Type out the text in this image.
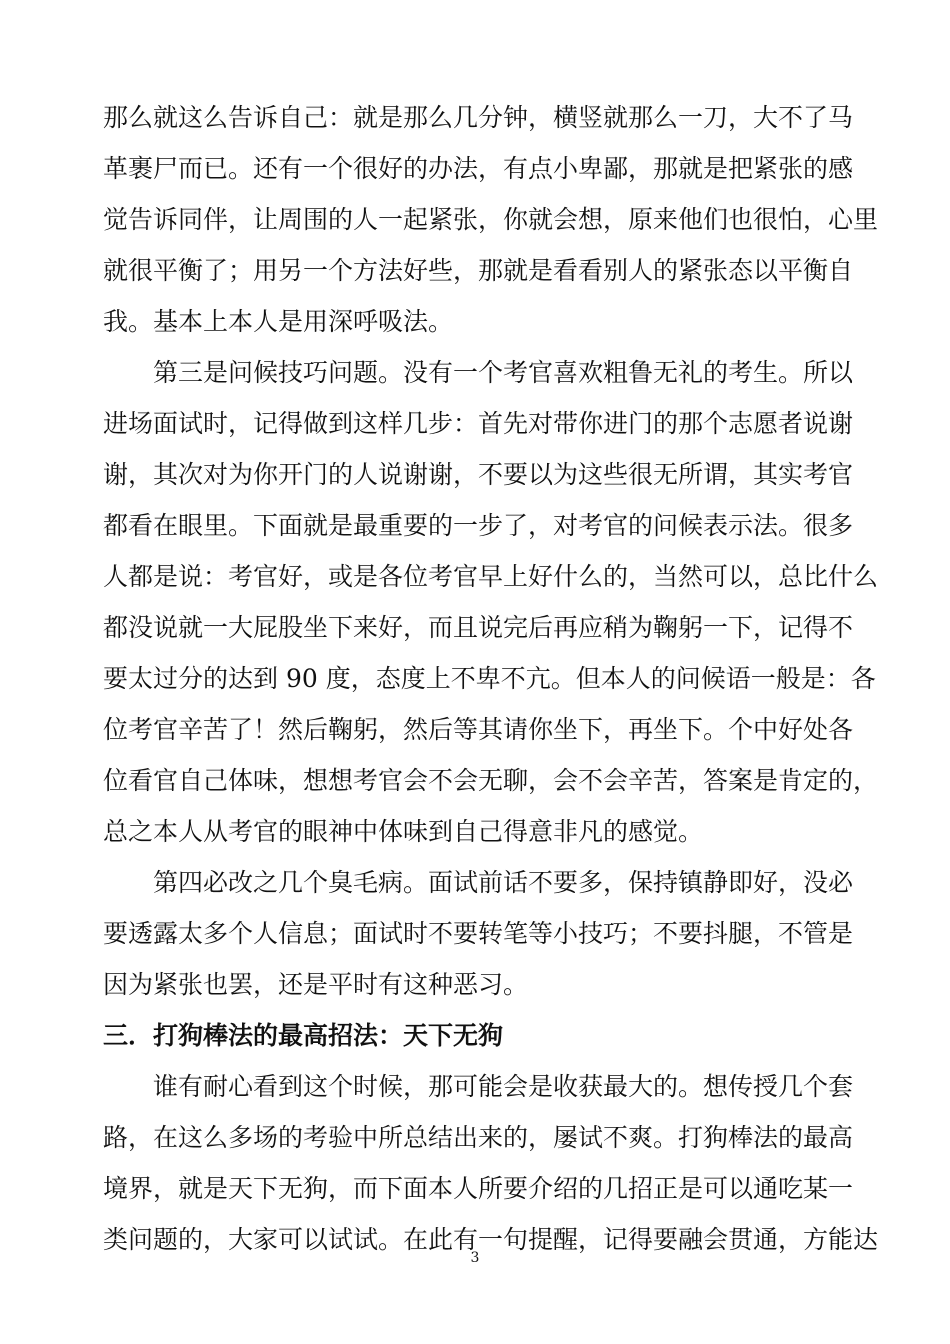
那么就这么告诉自己：就是那么几分钟，横竖就那么一刀，大不了马
革裹尸而已。还有一个很好的办法，有点小卑鄙，那就是把紧张的感
觉告诉同伴，让周围的人一起紧张，你就会想，原来他们也很怕，心里
就很平衡了；用另一个方法好些，那就是看看别人的紧张态以平衡自
我。基本上本人是用深呼吸法。
第三是问候技巧问题。没有一个考官喜欢粗鲁无礼的考生。所以
进场面试时，记得做到这样几步：首先对带你进门的那个志愿者说谢
谢，其次对为你开门的人说谢谢，不要以为这些很无所谓，其实考官
都看在眼里。下面就是最重要的一步了，对考官的问候表示法。很多
人都是说：考官好，或是各位考官早上好什么的，当然可以，总比什么
都没说就一大屁股坐下来好，而且说完后再应稍为鞠躬一下，记得不
要太过分的达到 90 度，态度上不卑不亢。但本人的问候语一般是：各
位考官辛苦了！然后鞠躬，然后等其请你坐下，再坐下。个中好处各
位看官自己体味，想想考官会不会无聊，会不会辛苦，答案是肯定的，
总之本人从考官的眼神中体味到自己得意非凡的感觉。
第四必改之几个臭毛病。面试前话不要多，保持镇静即好，没必
要透露太多个人信息；面试时不要转笔等小技巧；不要抖腿，不管是
因为紧张也罢，还是平时有这种恶习。
三．打狗棒法的最高招法：天下无狗
谁有耐心看到这个时候，那可能会是收获最大的。想传授几个套
路，在这么多场的考验中所总结出来的，屡试不爽。打狗棒法的最高
境界，就是天下无狗，而下面本人所要介绍的几招正是可以通吃某一
类问题的，大家可以试试。在此有一句提醒，记得要融会贯通，方能达
3
